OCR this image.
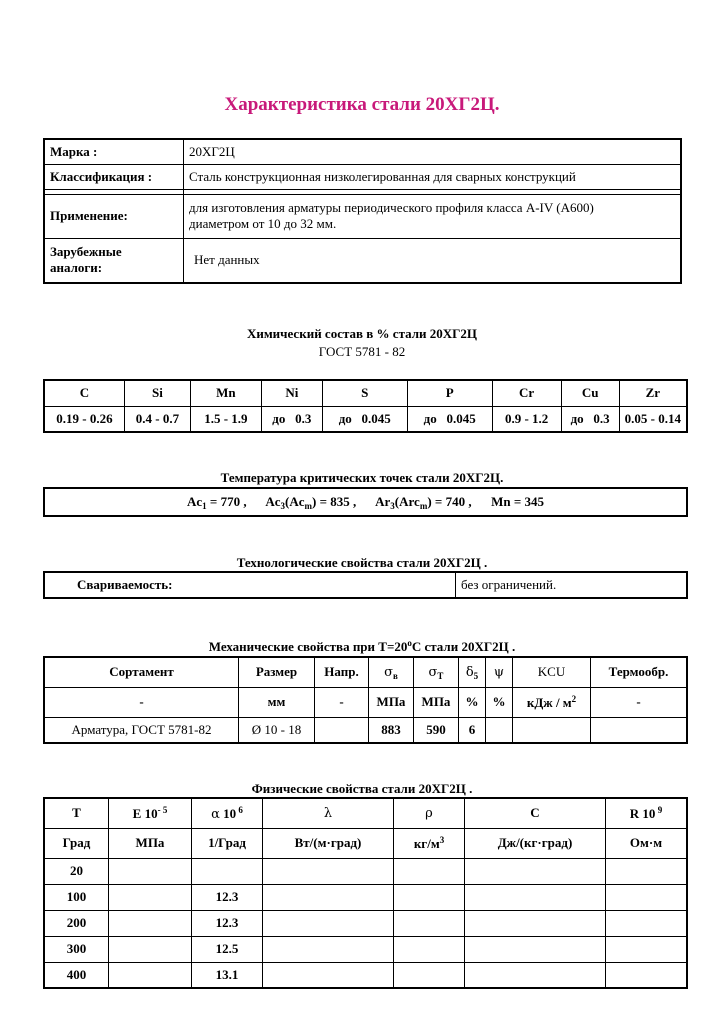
Характеристика стали 20ХГ2Ц.
Марка :	20ХГ2Ц
Классификация :	Сталь конструкционная низколегированная для сварных конструкций

Применение:	для изготовления арматуры периодического профиля класса А-IV (А600)
диаметром от 10 до 32 мм.

Зарубежные
аналоги:	Нет данных
Химический состав в % стали 20ХГ2Ц
ГОСТ 5781 - 82
C	Si	Mn	Ni	S	P	Cr	Cu	Zr
0.19 - 0.26	0.4 - 0.7	1.5 - 1.9	до   0.3	до   0.045	до   0.045	0.9 - 1.2	до   0.3	0.05 - 0.14
Температура критических точек стали 20ХГ2Ц.
$Ac_1 = 770$ , $Ac_3(Ac_m) = 835$ , $Ar_3(Arc_m) = 740$ , Mn = 345
Технологические свойства стали 20ХГ2Ц .
Свариваемость:	без ограничений.
Механические свойства при $Т=20^oС$ стали 20ХГ2Ц .
Сортамент	Размер	Напр.	$\sigma_в$	$\sigma_T$	$\delta_5$	ψ	KCU	Термообр.
-	мм	-	МПа	МПа	%	%	кДж / $м^2$	-
Арматура, ГОСТ 5781-82	Ø 10 - 18		883	590	6			
Физические свойства стали 20ХГ2Ц .
T	E $10^{- 5}$	α 10 $^6$	λ	ρ	C	R 10 $^9$
Град	МПа	1/Град	Вт/(м·град)	$кг/м^3$	Дж/(кг·град)	Ом·м
20						
100		12.3				
200		12.3				
300		12.5				
400		13.1				
